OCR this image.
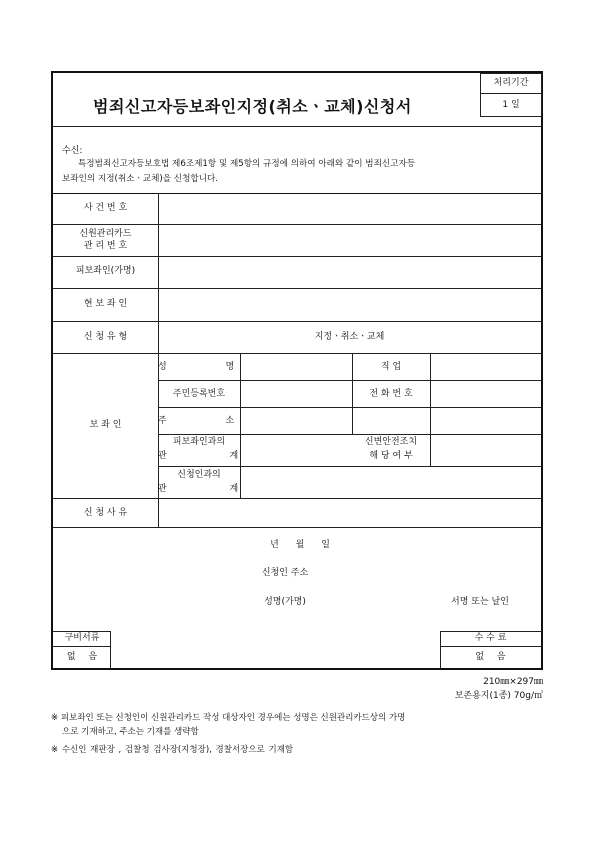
범죄신고자등보좌인지정(취소ㆍ교체)신청서
처리기간
1 일
수신:
특정범죄신고자등보호법 제6조제1항 및 제5항의 규정에 의하여 아래와 같이 범죄신고자등
보좌인의 지정(취소ㆍ교체)을 신청합니다.
사 건 번 호
신원관리카드
관 리 번 호
피보좌인(가명)
현 보 좌 인
신 청 유 형	지정ㆍ취소ㆍ교체
보 좌 인
성 명	직 업
주민등록번호	전 화 번 호
주 소
피보좌인과의
관 계
신변안전조치
해 당 여 부
신청인과의
관 계
신 청 사 유
년 월 일
신청인 주소
성명(가명)	서명 또는 날인
구비서류
없 음
수 수 료
없 음
210㎜×297㎜
보존용지(1종) 70g/㎡
※ 피보좌인 또는 신청인이 신원관리카드 작성 대상자인 경우에는 성명은 신원관리카드상의 가명
으로 기재하고, 주소는 기재를 생략함
※ 수신인 재판장 , 검찰청 검사장(지청장), 경찰서장으로 기재함
